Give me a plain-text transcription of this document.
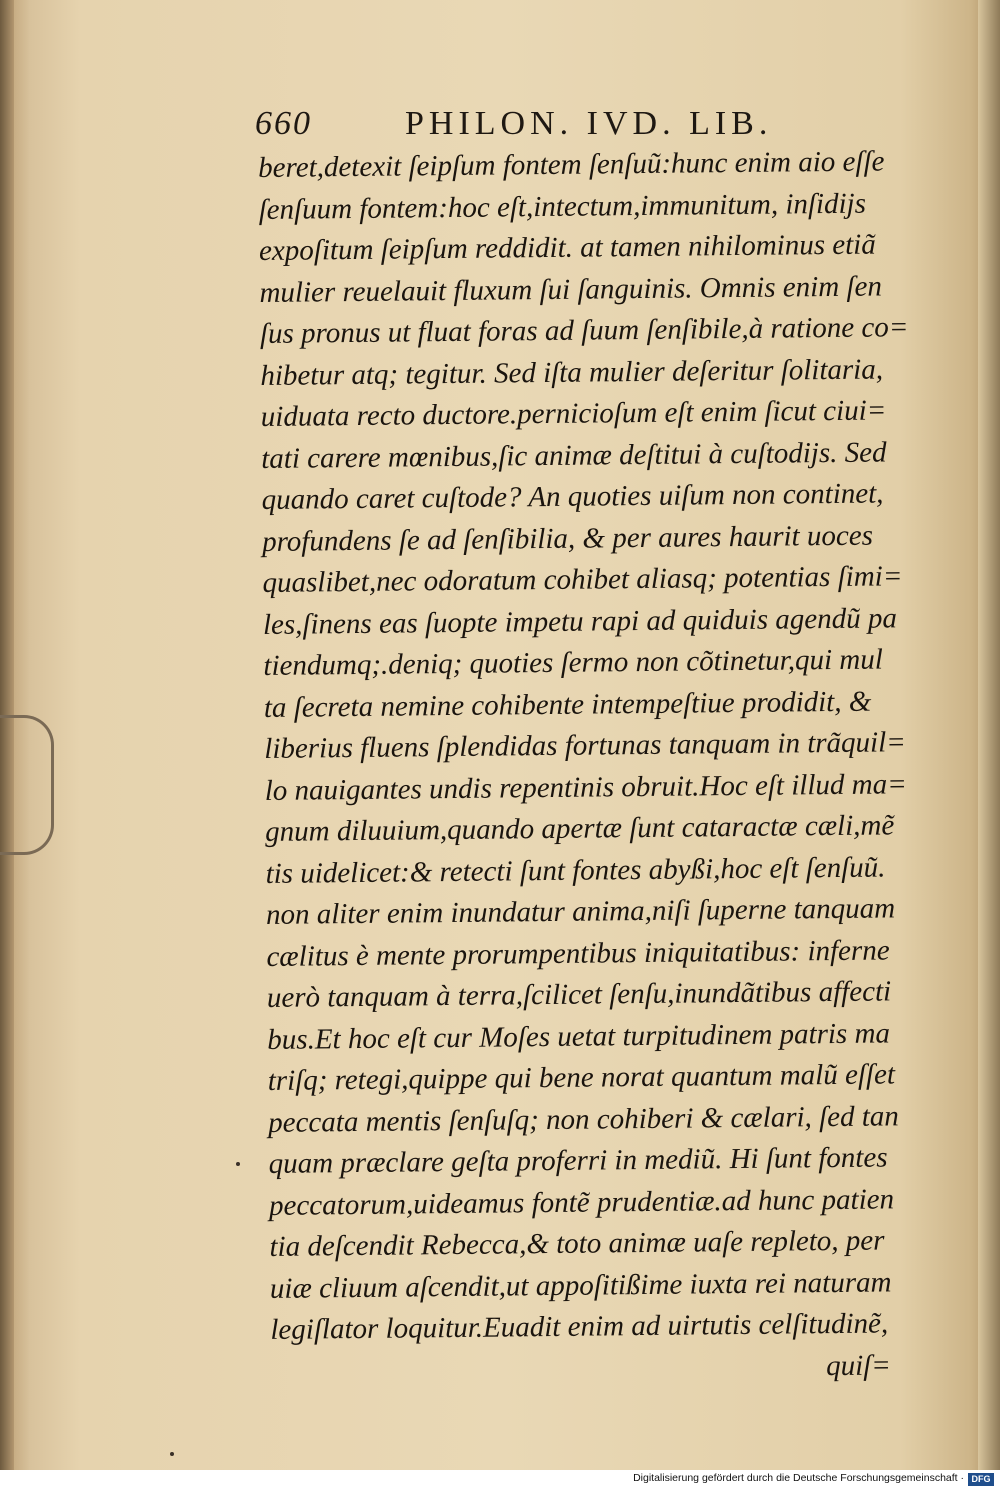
660	PHILON. IVD. LIB.
beret,detexit ſeipſum fontem ſenſuũ:hunc enim aio eſſe
ſenſuum fontem:hoc eſt,intectum,immunitum, inſidijs
expoſitum ſeipſum reddidit. at tamen nihilominus etiã
mulier reuelauit fluxum ſui ſanguinis. Omnis enim ſen
ſus pronus ut fluat foras ad ſuum ſenſibile,à ratione co=
hibetur atq; tegitur. Sed iſta mulier deſeritur ſolitaria,
uiduata recto ductore.pernicioſum eſt enim ſicut ciui=
tati carere mœnibus,ſic animæ deſtitui à cuſtodijs. Sed
quando caret cuſtode? An quoties uiſum non continet,
profundens ſe ad ſenſibilia, & per aures haurit uoces
quaslibet,nec odoratum cohibet aliasq; potentias ſimi=
les,ſinens eas ſuopte impetu rapi ad quiduis agendũ pa
tiendumq;.deniq; quoties ſermo non cõtinetur,qui mul
ta ſecreta nemine cohibente intempeſtiue prodidit, &
liberius fluens ſplendidas fortunas tanquam in trãquil=
lo nauigantes undis repentinis obruit.Hoc eſt illud ma=
gnum diluuium,quando apertæ ſunt cataractæ cæli,mẽ
tis uidelicet:& retecti ſunt fontes abyßi,hoc eſt ſenſuũ.
non aliter enim inundatur anima,niſi ſuperne tanquam
cælitus è mente prorumpentibus iniquitatibus: inferne
uerò tanquam à terra,ſcilicet ſenſu,inundãtibus affecti
bus.Et hoc eſt cur Moſes uetat turpitudinem patris ma
triſq; retegi,quippe qui bene norat quantum malũ eſſet
peccata mentis ſenſuſq; non cohiberi & cælari, ſed tan
quam præclare geſta proferri in mediũ. Hi ſunt fontes
peccatorum,uideamus fontẽ prudentiæ.ad hunc patien
tia deſcendit Rebecca,& toto animæ uaſe repleto, per
uiæ cliuum aſcendit,ut appoſitißime iuxta rei naturam
legiſlator loquitur.Euadit enim ad uirtutis celſitudinẽ,
quiſ=
Digitalisierung gefördert durch die Deutsche Forschungsgemeinschaft · DFG
